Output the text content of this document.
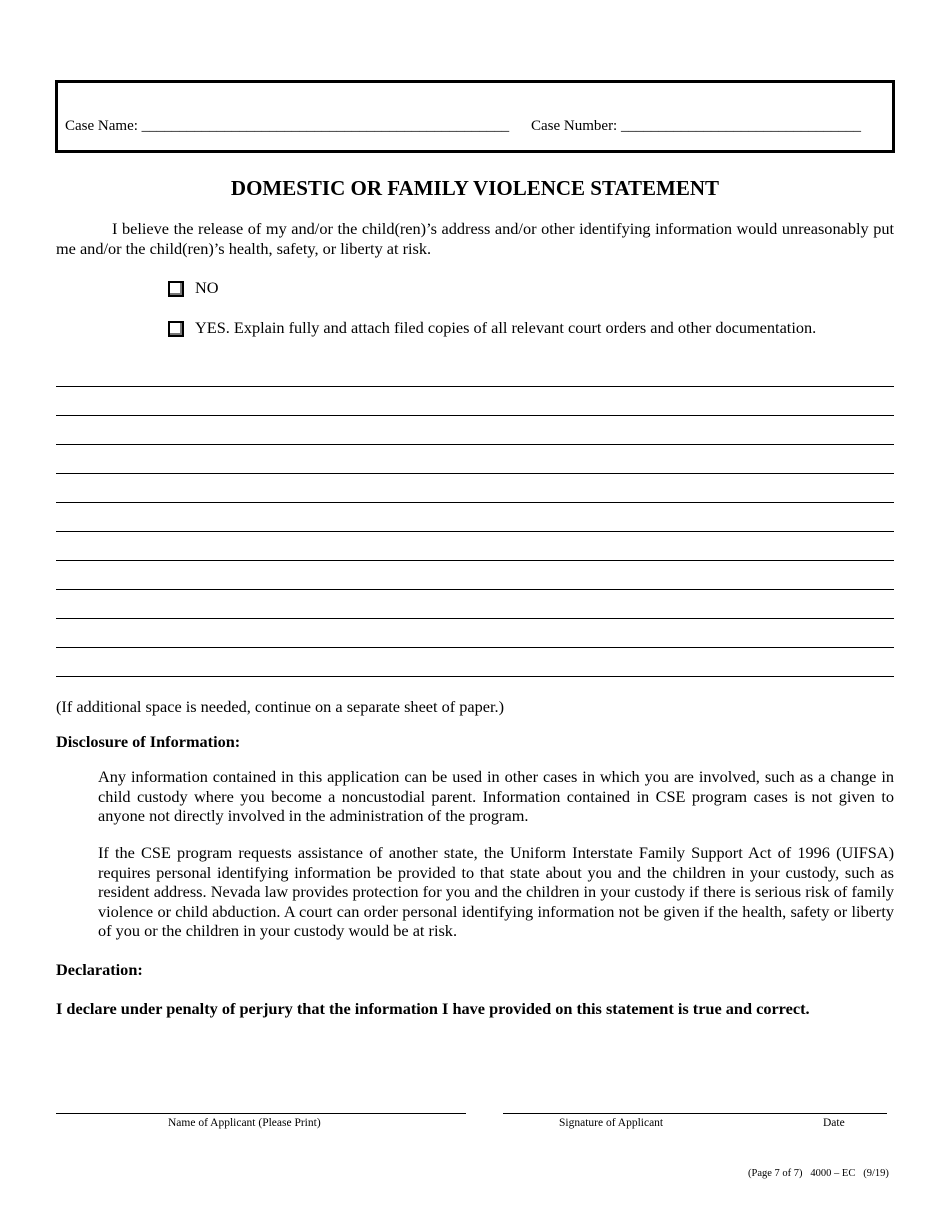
Case Name: _________________________________________________ Case Number: ________________________________
DOMESTIC OR FAMILY VIOLENCE STATEMENT
I believe the release of my and/or the child(ren)’s address and/or other identifying information would unreasonably put me and/or the child(ren)’s health, safety, or liberty at risk.
NO
YES. Explain fully and attach filed copies of all relevant court orders and other documentation.
(If additional space is needed, continue on a separate sheet of paper.)
Disclosure of Information:
Any information contained in this application can be used in other cases in which you are involved, such as a change in child custody where you become a noncustodial parent. Information contained in CSE program cases is not given to anyone not directly involved in the administration of the program.
If the CSE program requests assistance of another state, the Uniform Interstate Family Support Act of 1996 (UIFSA) requires personal identifying information be provided to that state about you and the children in your custody, such as resident address. Nevada law provides protection for you and the children in your custody if there is serious risk of family violence or child abduction. A court can order personal identifying information not be given if the health, safety or liberty of you or the children in your custody would be at risk.
Declaration:
I declare under penalty of perjury that the information I have provided on this statement is true and correct.
Name of Applicant (Please Print)	Signature of Applicant	Date
(Page 7 of 7)   4000 – EC   (9/19)
